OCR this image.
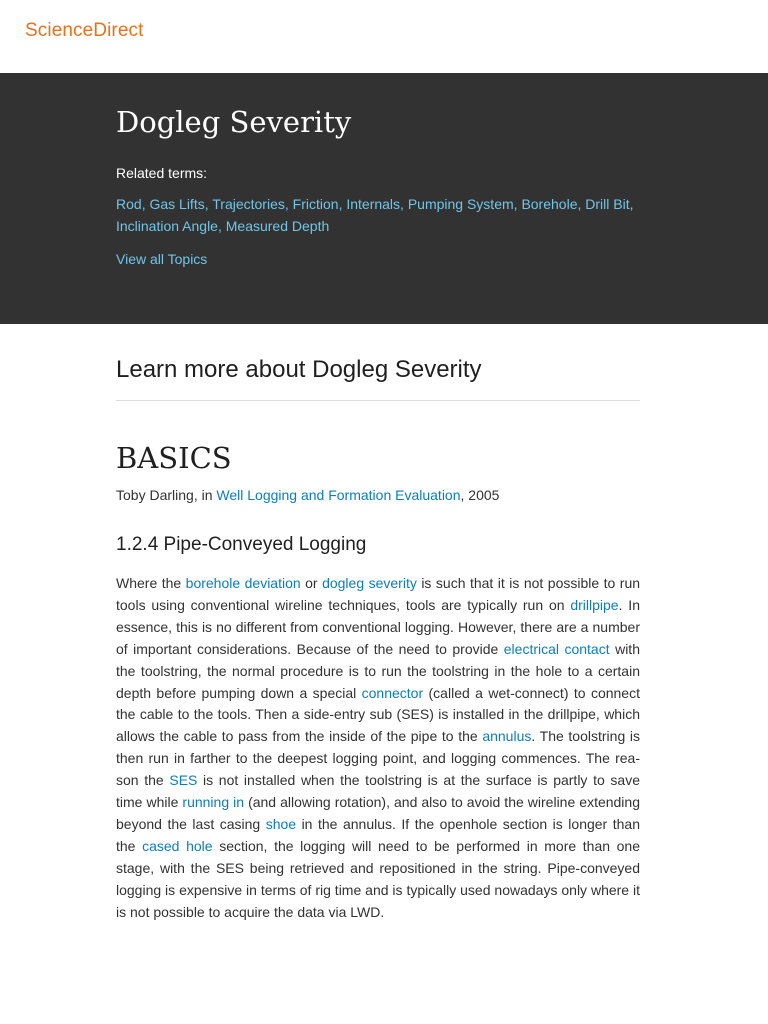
ScienceDirect
Dogleg Severity
Related terms:
Rod, Gas Lifts, Trajectories, Friction, Internals, Pumping System, Borehole, Drill Bit,
Inclination Angle, Measured Depth
View all Topics
Learn more about Dogleg Severity
BASICS
Toby Darling, in Well Logging and Formation Evaluation, 2005
1.2.4 Pipe-Conveyed Logging

Where the borehole deviation or dogleg severity is such that it is not possible to run tools using conventional wireline techniques, tools are typically run on drillpipe. In essence, this is no different from conventional logging. However, there are a number of important considerations. Because of the need to provide electrical contact with the toolstring, the normal procedure is to run the toolstring in the hole to a certain depth before pumping down a special connector (called a wet-connect) to connect the cable to the tools. Then a side-entry sub (SES) is installed in the drillpipe, which allows the cable to pass from the inside of the pipe to the annulus. The toolstring is then run in farther to the deepest logging point, and logging commences. The rea-son the SES is not installed when the toolstring is at the surface is partly to save time while running in (and allowing rotation), and also to avoid the wireline extending beyond the last casing shoe in the annulus. If the openhole section is longer than the cased hole section, the logging will need to be performed in more than one stage, with the SES being retrieved and repositioned in the string. Pipe-conveyed logging is expensive in terms of rig time and is typically used nowadays only where it is not possible to acquire the data via LWD.
